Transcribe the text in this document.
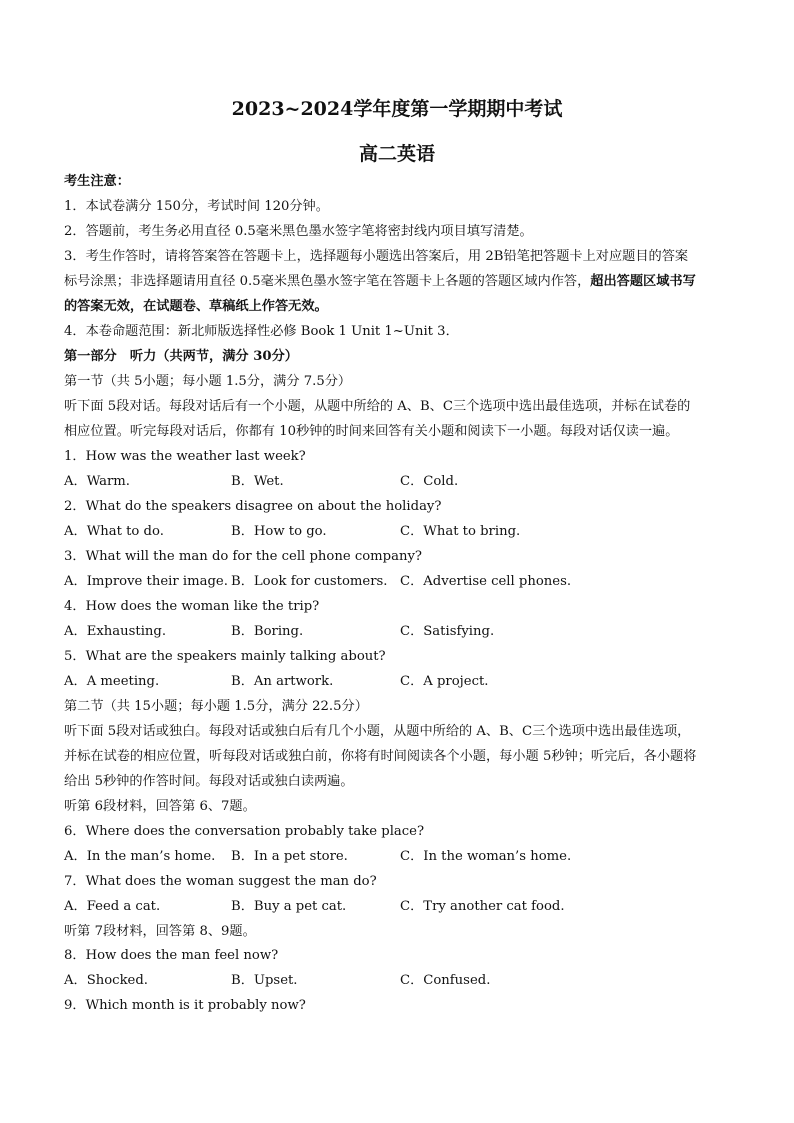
2023~2024学年度第一学期期中考试
高二英语
考生注意：
1．本试卷满分 150分，考试时间 120分钟。
2．答题前，考生务必用直径 0.5毫米黑色墨水签字笔将密封线内项目填写清楚。
3．考生作答时，请将答案答在答题卡上，选择题每小题选出答案后，用 2B铅笔把答题卡上对应题目的答案
标号涂黑；非选择题请用直径 0.5毫米黑色墨水签字笔在答题卡上各题的答题区域内作答，超出答题区域书写
的答案无效，在试题卷、草稿纸上作答无效。
4．本卷命题范围：新北师版选择性必修 Book 1 Unit 1~Unit 3．
第一部分　听力（共两节，满分 30分）
第一节（共 5小题；每小题 1.5分，满分 7.5分）
听下面 5段对话。每段对话后有一个小题，从题中所给的 A、B、C三个选项中选出最佳选项，并标在试卷的
相应位置。听完每段对话后，你都有 10秒钟的时间来回答有关小题和阅读下一小题。每段对话仅读一遍。
1．How was the weather last week?
A．Warm.	B．Wet.	C．Cold.
2．What do the speakers disagree on about the holiday?
A．What to do.	B．How to go.	C．What to bring.
3．What will the man do for the cell phone company?
A．Improve their image. B．Look for customers. C．Advertise cell phones.
4．How does the woman like the trip?
A．Exhausting.	B．Boring.	C．Satisfying.
5．What are the speakers mainly talking about?
A．A meeting.	B．An artwork.	C．A project.
第二节（共 15小题；每小题 1.5分，满分 22.5分）
听下面 5段对话或独白。每段对话或独白后有几个小题，从题中所给的 A、B、C三个选项中选出最佳选项，
并标在试卷的相应位置，听每段对话或独白前，你将有时间阅读各个小题，每小题 5秒钟；听完后，各小题将
给出 5秒钟的作答时间。每段对话或独白读两遍。
听第 6段材料，回答第 6、7题。
6．Where does the conversation probably take place?
A．In the man’s home. B．In a pet store.	C．In the woman’s home.
7．What does the woman suggest the man do?
A．Feed a cat.	B．Buy a pet cat.	C．Try another cat food.
听第 7段材料，回答第 8、9题。
8．How does the man feel now?
A．Shocked.	B．Upset.	C．Confused.
9．Which month is it probably now?
